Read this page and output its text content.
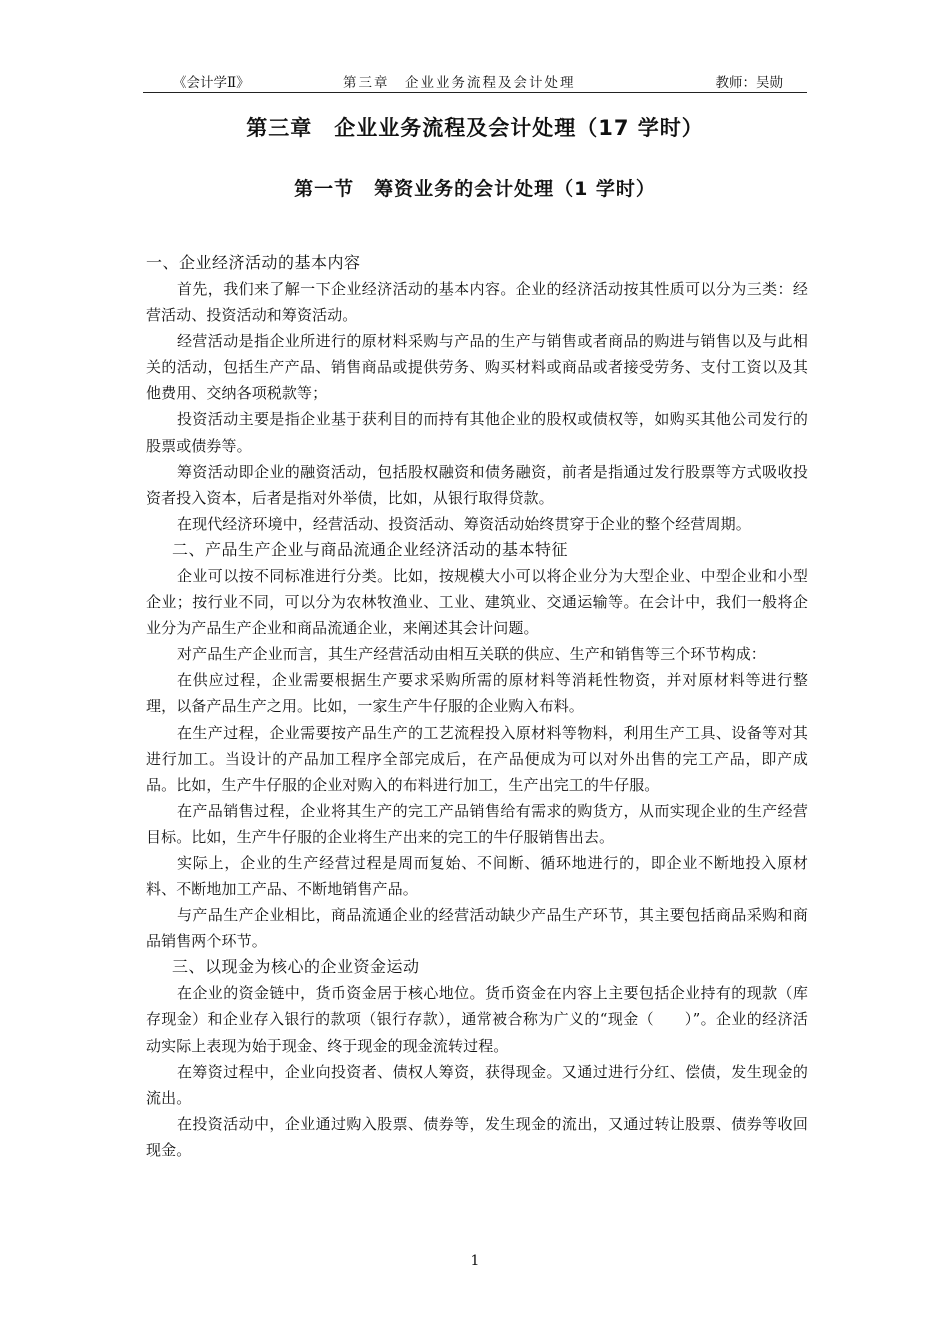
《会计学Ⅱ》	第三章　企业业务流程及会计处理	教师：吴勋
第三章　企业业务流程及会计处理（17 学时）
第一节　筹资业务的会计处理（1 学时）

一、企业经济活动的基本内容

首先，我们来了解一下企业经济活动的基本内容。企业的经济活动按其性质可以分为三类：经营活动、投资活动和筹资活动。

经营活动是指企业所进行的原材料采购与产品的生产与销售或者商品的购进与销售以及与此相关的活动，包括生产产品、销售商品或提供劳务、购买材料或商品或者接受劳务、支付工资以及其他费用、交纳各项税款等；

投资活动主要是指企业基于获利目的而持有其他企业的股权或债权等，如购买其他公司发行的股票或债券等。

筹资活动即企业的融资活动，包括股权融资和债务融资，前者是指通过发行股票等方式吸收投资者投入资本，后者是指对外举债，比如，从银行取得贷款。

在现代经济环境中，经营活动、投资活动、筹资活动始终贯穿于企业的整个经营周期。

二、产品生产企业与商品流通企业经济活动的基本特征

企业可以按不同标准进行分类。比如，按规模大小可以将企业分为大型企业、中型企业和小型企业；按行业不同，可以分为农林牧渔业、工业、建筑业、交通运输等。在会计中，我们一般将企业分为产品生产企业和商品流通企业，来阐述其会计问题。

对产品生产企业而言，其生产经营活动由相互关联的供应、生产和销售等三个环节构成：

在供应过程，企业需要根据生产要求采购所需的原材料等消耗性物资，并对原材料等进行整理，以备产品生产之用。比如，一家生产牛仔服的企业购入布料。

在生产过程，企业需要按产品生产的工艺流程投入原材料等物料，利用生产工具、设备等对其进行加工。当设计的产品加工程序全部完成后，在产品便成为可以对外出售的完工产品，即产成品。比如，生产牛仔服的企业对购入的布料进行加工，生产出完工的牛仔服。

在产品销售过程，企业将其生产的完工产品销售给有需求的购货方，从而实现企业的生产经营目标。比如，生产牛仔服的企业将生产出来的完工的牛仔服销售出去。

实际上，企业的生产经营过程是周而复始、不间断、循环地进行的，即企业不断地投入原材料、不断地加工产品、不断地销售产品。

与产品生产企业相比，商品流通企业的经营活动缺少产品生产环节，其主要包括商品采购和商品销售两个环节。

三、以现金为核心的企业资金运动

在企业的资金链中，货币资金居于核心地位。货币资金在内容上主要包括企业持有的现款（库存现金）和企业存入银行的款项（银行存款），通常被合称为广义的“现金（　　）”。企业的经济活动实际上表现为始于现金、终于现金的现金流转过程。

在筹资过程中，企业向投资者、债权人筹资，获得现金。又通过进行分红、偿债，发生现金的流出。

在投资活动中，企业通过购入股票、债券等，发生现金的流出，又通过转让股票、债券等收回现金。

1
